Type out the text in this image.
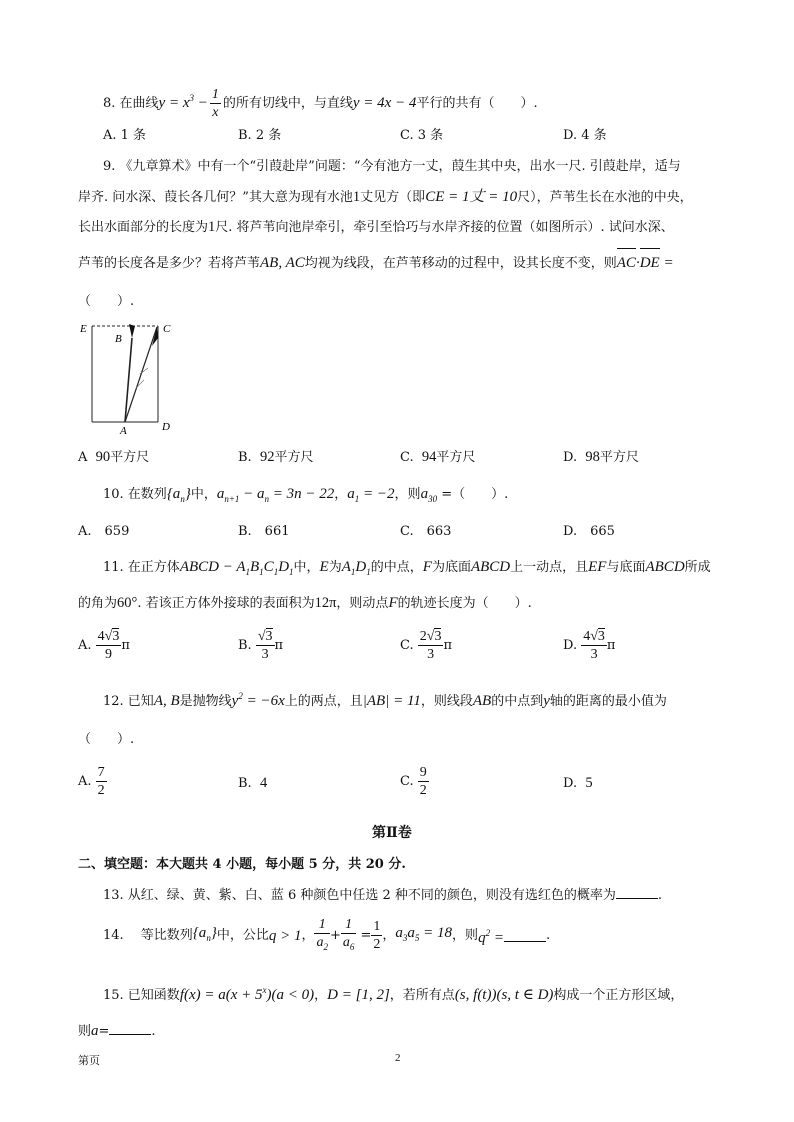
8. 在曲线$y = x^3 - \frac{1}{x}$ 的所有切线中，与直线y = 4x − 4平行的共有（　　）.
A. 1 条	B. 2 条	C. 3 条	D. 4 条
9. 《九章算术》中有一个“引葭赴岸”问题：“今有池方一丈，葭生其中央，出水一尺. 引葭赴岸，适与
岸齐. 问水深、葭长各几何？”其大意为现有水池1丈见方（即CE = 1丈 = 10尺），芦苇生长在水池的中央，
长出水面部分的长度为1尺. 将芦苇向池岸牵引，牵引至恰巧与水岸齐接的位置（如图所示）. 试问水深、
芦苇的长度各是多少？若将芦苇AB, AC均视为线段，在芦苇移动的过程中，设其长度不变，则
AC·
DE =
（　　）.
E
B
C
A	D
A 90平方尺	B. 92平方尺	C. 94平方尺	D. 98平方尺
10. 在数列$\{a_n\}$中，$a_{n+1} - a_n = 3n - 22$，$a_1 = -2$，则$a_{30}$ =（　　）.
A.　659	B.　661	C.　663	D.　665
11. 在正方体ABCD − $A_1B_1C_1D_1$中，E为$A_1D_1$的中点，F为底面ABCD上一动点，且EF与底面ABCD所成
的角为60°. 若该正方体外接球的表面积为12π，则动点F的轨迹长度为（　　）.
A. $\frac{4√3}{9}$ π	B. $\frac{√3}{3}$ π	C. $\frac{2√3}{3}$ π	D. $\frac{4√3}{3}$ π
12. 已知A, B是抛物线$y^2 = -6x$上的两点，且|AB| = 11，则线段AB的中点到y轴的距离的最小值为
（　　）.
A. $\frac{7}{2}$	B. 4	C. $\frac{9}{2}$	D. 5
第Ⅱ卷
二、填空题：本大题共 4 小题，每小题 5 分，共 20 分.
13. 从红、绿、黄、紫、白、蓝 6 种颜色中任选 2 种不同的颜色，则没有选红色的概率为	.
14.　 等比数列$\{a_n\}$中，公比q > 1， $\frac{1}{a_2} + \frac{1}{a_6} = \frac{1}{2}$ ，$a_3a_5 = 18$，则$q^2$ =	.
15. 已知函数$f(x) = a(x + 5^x)(a < 0)$，D = [1, 2]，若所有点(s, f(t))(s, t ∈ D)构成一个正方形区域，
则a=	.
第页	2
